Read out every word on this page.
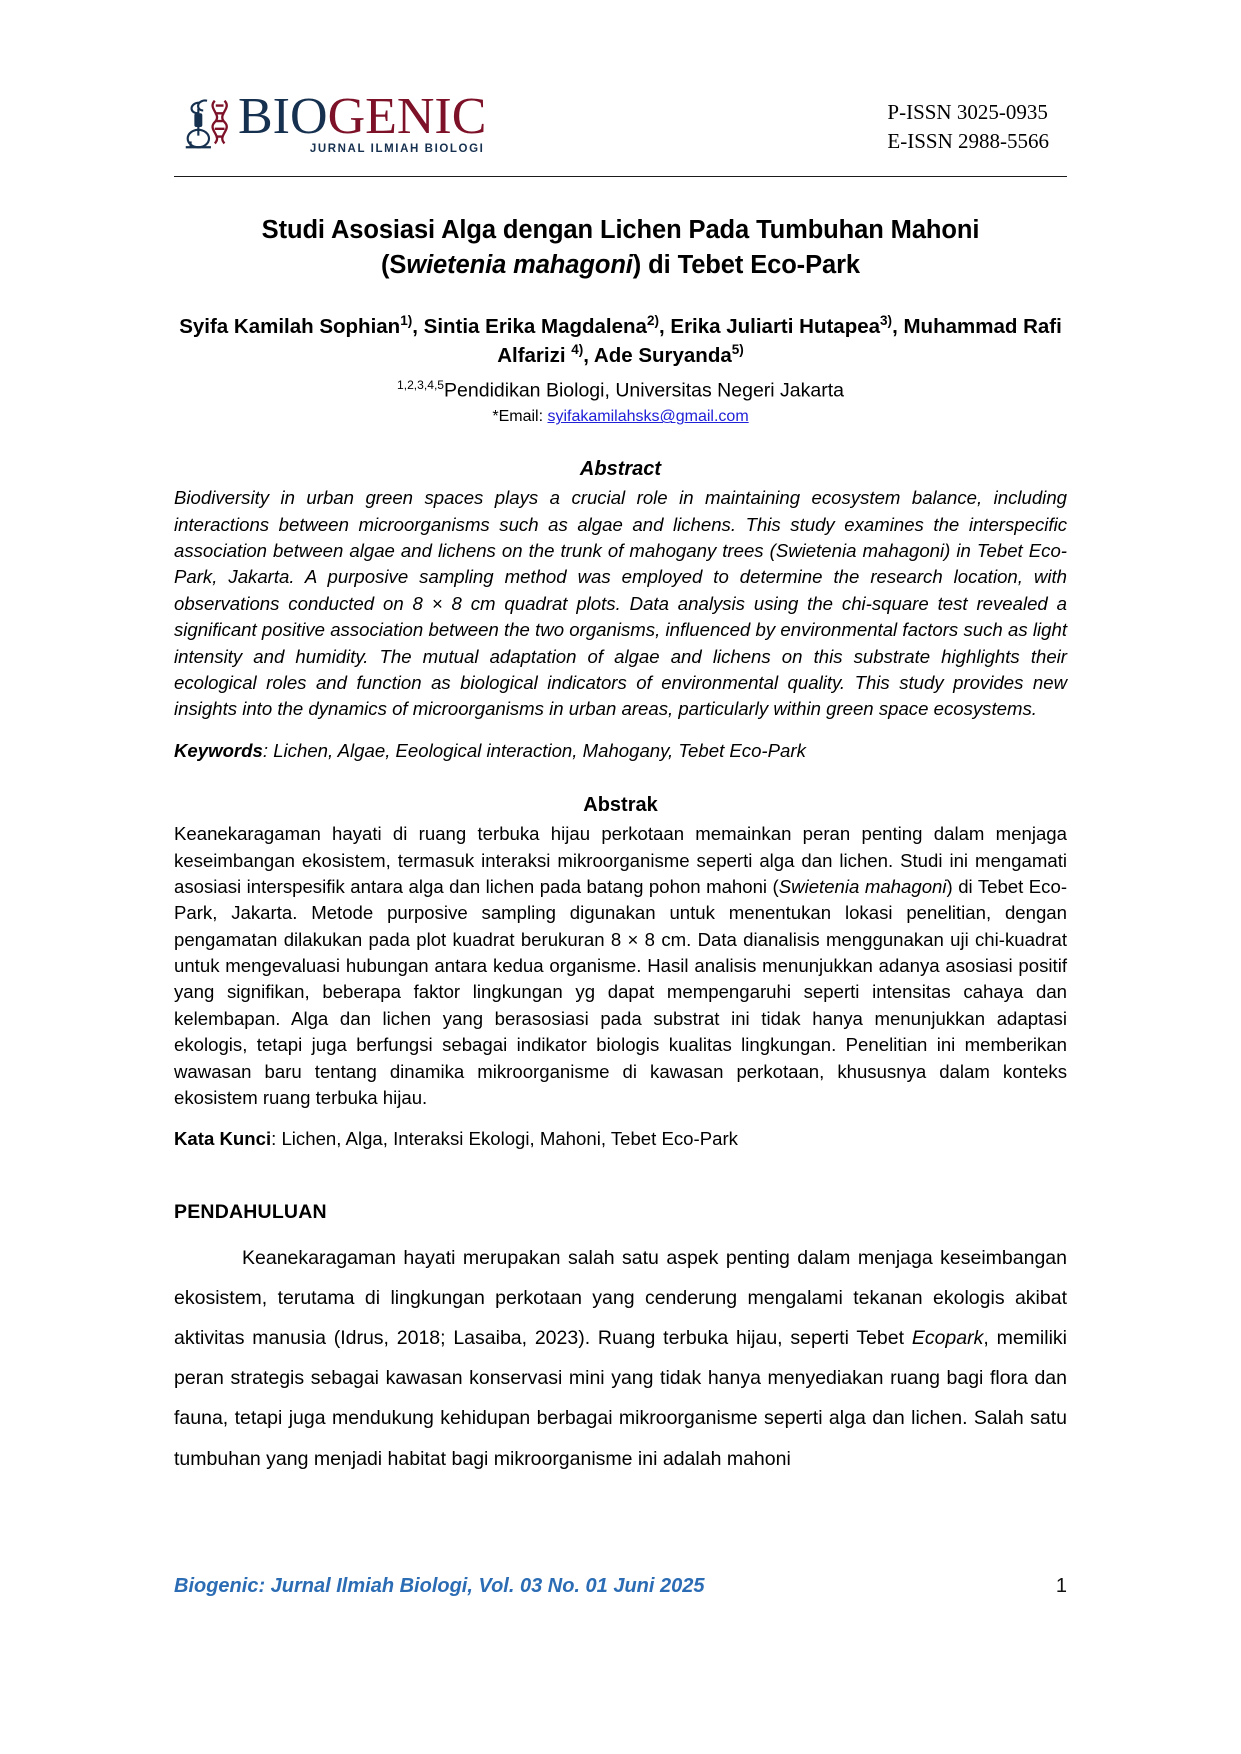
BIOGENIC
JURNAL ILMIAH BIOLOGI
P-ISSN 3025-0935
E-ISSN 2988-5566
Studi Asosiasi Alga dengan Lichen Pada Tumbuhan Mahoni (Swietenia mahagoni) di Tebet Eco-Park
Syifa Kamilah Sophian$^{1)}$, Sintia Erika Magdalena$^{2)}$, Erika Juliarti Hutapea$^{3)}$, Muhammad Rafi Alfarizi $^{4)}$, Ade Suryanda$^{5)}$
$^{1,2,3,4,5}$Pendidikan Biologi, Universitas Negeri Jakarta
*Email: syifakamilahsks@gmail.com
Abstract

Biodiversity in urban green spaces plays a crucial role in maintaining ecosystem balance, including interactions between microorganisms such as algae and lichens. This study examines the interspecific association between algae and lichens on the trunk of mahogany trees (Swietenia mahagoni) in Tebet Eco-Park, Jakarta. A purposive sampling method was employed to determine the research location, with observations conducted on 8 × 8 cm quadrat plots. Data analysis using the chi-square test revealed a significant positive association between the two organisms, influenced by environmental factors such as light intensity and humidity. The mutual adaptation of algae and lichens on this substrate highlights their ecological roles and function as biological indicators of environmental quality. This study provides new insights into the dynamics of microorganisms in urban areas, particularly within green space ecosystems.

Keywords: Lichen, Algae, Eeological interaction, Mahogany, Tebet Eco-Park
Abstrak

Keanekaragaman hayati di ruang terbuka hijau perkotaan memainkan peran penting dalam menjaga keseimbangan ekosistem, termasuk interaksi mikroorganisme seperti alga dan lichen. Studi ini mengamati asosiasi interspesifik antara alga dan lichen pada batang pohon mahoni (Swietenia mahagoni) di Tebet Eco-Park, Jakarta. Metode purposive sampling digunakan untuk menentukan lokasi penelitian, dengan pengamatan dilakukan pada plot kuadrat berukuran 8 × 8 cm. Data dianalisis menggunakan uji chi-kuadrat untuk mengevaluasi hubungan antara kedua organisme. Hasil analisis menunjukkan adanya asosiasi positif yang signifikan, beberapa faktor lingkungan yg dapat mempengaruhi seperti intensitas cahaya dan kelembapan. Alga dan lichen yang berasosiasi pada substrat ini tidak hanya menunjukkan adaptasi ekologis, tetapi juga berfungsi sebagai indikator biologis kualitas lingkungan. Penelitian ini memberikan wawasan baru tentang dinamika mikroorganisme di kawasan perkotaan, khususnya dalam konteks ekosistem ruang terbuka hijau.

Kata Kunci: Lichen, Alga, Interaksi Ekologi, Mahoni, Tebet Eco-Park
PENDAHULUAN

Keanekaragaman hayati merupakan salah satu aspek penting dalam menjaga keseimbangan ekosistem, terutama di lingkungan perkotaan yang cenderung mengalami tekanan ekologis akibat aktivitas manusia (Idrus, 2018; Lasaiba, 2023). Ruang terbuka hijau, seperti Tebet Ecopark, memiliki peran strategis sebagai kawasan konservasi mini yang tidak hanya menyediakan ruang bagi flora dan fauna, tetapi juga mendukung kehidupan berbagai mikroorganisme seperti alga dan lichen. Salah satu tumbuhan yang menjadi habitat bagi mikroorganisme ini adalah mahoni

Biogenic: Jurnal Ilmiah Biologi, Vol. 03 No. 01 Juni 2025	1
